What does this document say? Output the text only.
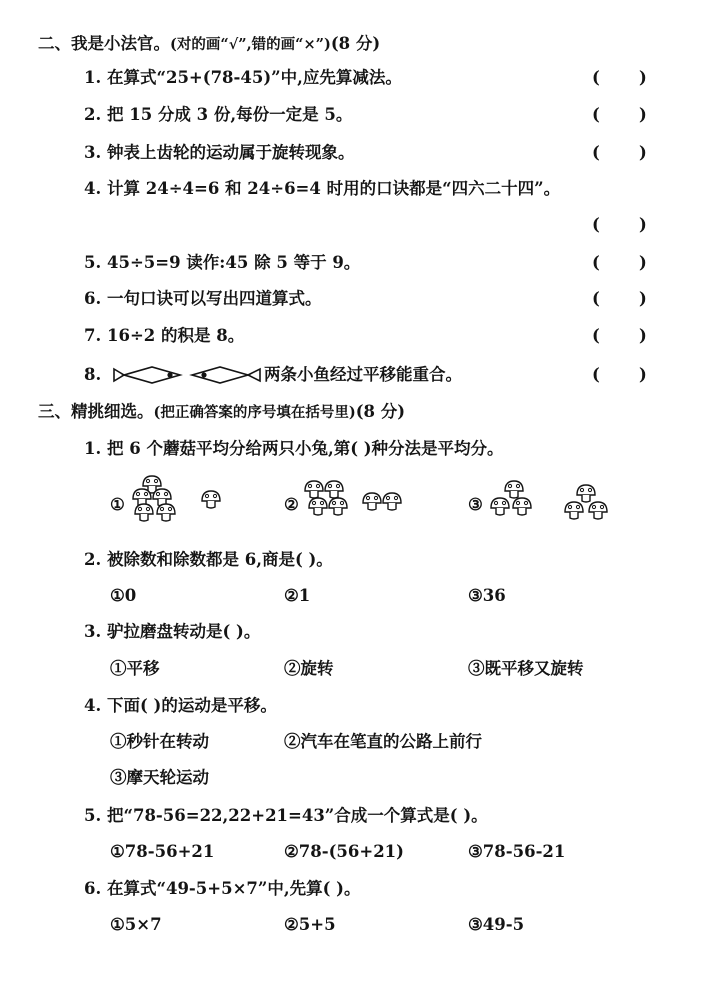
二、我是小法官。(对的画“√”,错的画“×”)(8 分)
1. 在算式“25+(78-45)”中,应先算减法。	( )
2. 把 15 分成 3 份,每份一定是 5。	( )
3. 钟表上齿轮的运动属于旋转现象。	( )
4. 计算 24÷4=6 和 24÷6=4 时用的口诀都是“四六二十四”。
( )
5. 45÷5=9 读作:45 除 5 等于 9。	( )
6. 一句口诀可以写出四道算式。	( )
7. 16÷2 的积是 8。	( )
8.	两条小鱼经过平移能重合。	( )
三、精挑细选。(把正确答案的序号填在括号里)(8 分)
1. 把 6 个蘑菇平均分给两只小兔,第( )种分法是平均分。
①	②	③
2. 被除数和除数都是 6,商是( )。
①0	②1	③36
3. 驴拉磨盘转动是( )。
①平移	②旋转	③既平移又旋转
4. 下面( )的运动是平移。
①秒针在转动	②汽车在笔直的公路上前行
③摩天轮运动
5. 把“78-56=22,22+21=43”合成一个算式是( )。
①78-56+21	②78-(56+21)	③78-56-21
6. 在算式“49-5+5×7”中,先算( )。
①5×7	②5+5	③49-5
